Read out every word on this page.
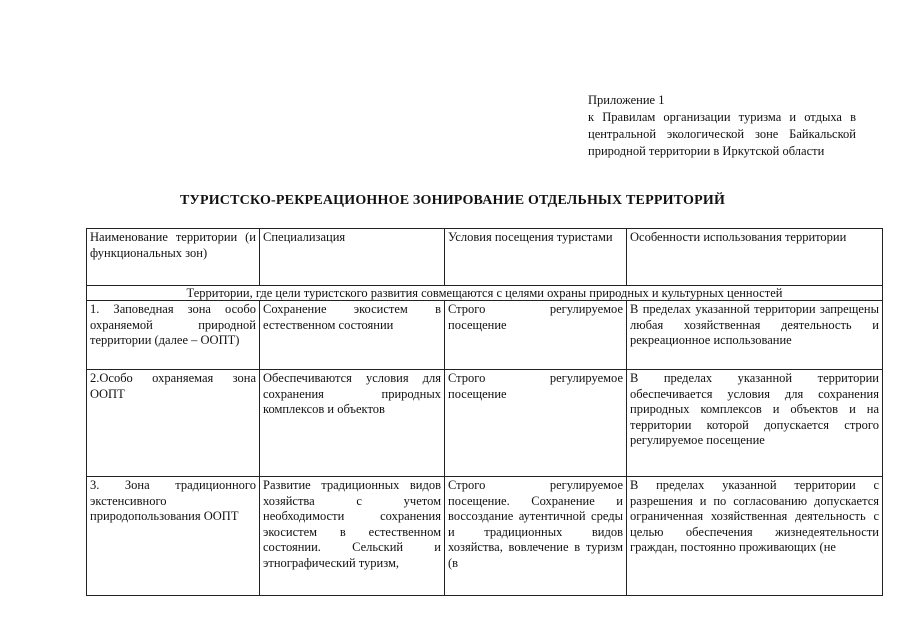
Приложение 1
к Правилам организации туризма и отдыха в центральной экологической зоне Байкальской природной территории в Иркутской области
ТУРИСТСКО-РЕКРЕАЦИОННОЕ ЗОНИРОВАНИЕ ОТДЕЛЬНЫХ ТЕРРИТОРИЙ
Наименование территории (и функциональных зон)	Специализация	Условия посещения туристами	Особенности использования территории

Территории, где цели туристского развития совмещаются с целями охраны природных и культурных ценностей			
1. Заповедная зона особо охраняемой природной территории (далее – ООПТ)	Сохранение экосистем в естественном состоянии	Строго регулируемое посещение	В пределах указанной территории запрещены любая хозяйственная деятельность и рекреационное использование
2.Особо охраняемая зона ООПТ	Обеспечиваются условия для сохранения природных комплексов и объектов	Строго регулируемое посещение	В пределах указанной территории обеспечивается условия для сохранения природных комплексов и объектов и на территории которой допускается строго регулируемое посещение
3. Зона традиционного экстенсивного природопользования ООПТ	Развитие традиционных видов хозяйства с учетом необходимости сохранения экосистем в естественном состоянии. Сельский и этнографический туризм,	Строго регулируемое посещение. Сохранение и воссоздание аутентичной среды и традиционных видов хозяйства, вовлечение в туризм (в	В пределах указанной территории с разрешения и по согласованию допускается ограниченная хозяйственная деятельность с целью обеспечения жизнедеятельности граждан, постоянно проживающих (не
